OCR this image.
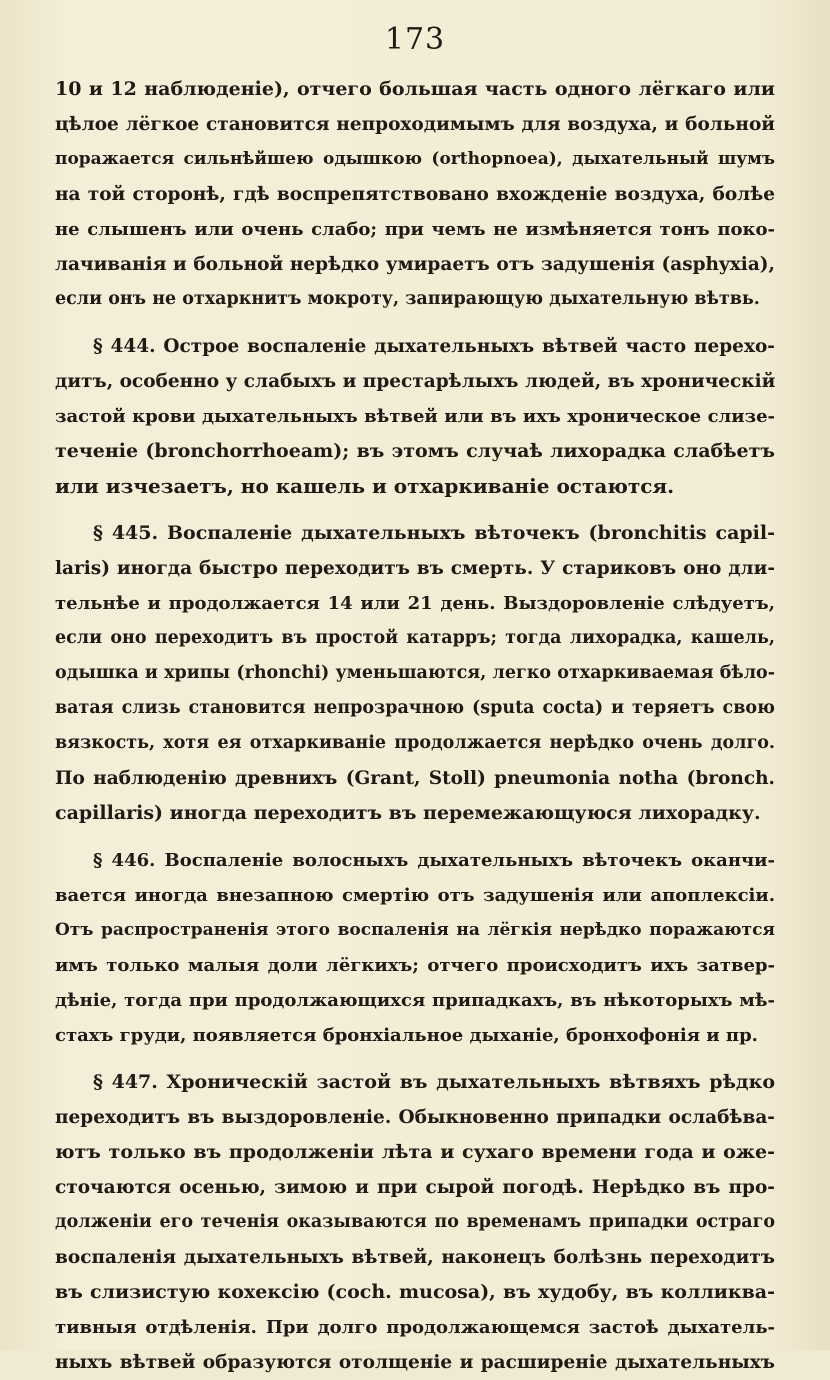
173
10 и 12 наблюденіе), отчего большая часть одного лёгкаго или
цѣлое лёгкое становится непроходимымъ для воздуха, и больной
поражается сильнѣйшею одышкою (orthopnoea), дыхательный шумъ
на той сторонѣ, гдѣ воспрепятствовано вхожденіе воздуха, болѣе
не слышенъ или очень слабо; при чемъ не измѣняется тонъ поко-
лачиванія и больной нерѣдко умираетъ отъ задушенія (asphyxia),
если онъ не отхаркнитъ мокроту, запирающую дыхательную вѣтвь.
§ 444. Острое воспаленіе дыхательныхъ вѣтвей часто перехо-
дитъ, особенно у слабыхъ и престарѣлыхъ людей, въ хроническій
застой крови дыхательныхъ вѣтвей или въ ихъ хроническое слизе-
теченіе (bronchorrhoeam); въ этомъ случаѣ лихорадка слабѣетъ
или изчезаетъ, но кашель и отхаркиваніе остаются.
§ 445. Воспаленіе дыхательныхъ вѣточекъ (bronchitis capil-
laris) иногда быстро переходитъ въ смерть. У стариковъ оно дли-
тельнѣе и продолжается 14 или 21 день. Выздоровленіе слѣдуетъ,
если оно переходитъ въ простой катарръ; тогда лихорадка, кашель,
одышка и хрипы (rhonchi) уменьшаются, легко отхаркиваемая бѣло-
ватая слизь становится непрозрачною (sputa cocta) и теряетъ свою
вязкость, хотя ея отхаркиваніе продолжается нерѣдко очень долго.
По наблюденію древнихъ (Grant, Stoll) pneumonia notha (bronch.
capillaris) иногда переходитъ въ перемежающуюся лихорадку.
§ 446. Воспаленіе волосныхъ дыхательныхъ вѣточекъ оканчи-
вается иногда внезапною смертію отъ задушенія или апоплексіи.
Отъ распространенія этого воспаленія на лёгкія нерѣдко поражаются
имъ только малыя доли лёгкихъ; отчего происходитъ ихъ затвер-
дѣніе, тогда при продолжающихся припадкахъ, въ нѣкоторыхъ мѣ-
стахъ груди, появляется бронхіальное дыханіе, бронхофонія и пр.
§ 447. Хроническій застой въ дыхательныхъ вѣтвяхъ рѣдко
переходитъ въ выздоровленіе. Обыкновенно припадки ослабѣва-
ютъ только въ продолженіи лѣта и сухаго времени года и оже-
сточаются осенью, зимою и при сырой погодѣ. Нерѣдко въ про-
долженіи его теченія оказываются по временамъ припадки остраго
воспаленія дыхательныхъ вѣтвей, наконецъ болѣзнь переходитъ
въ слизистую кохексію (coch. mucosa), въ худобу, въ колликва-
тивныя отдѣленія. При долго продолжающемся застоѣ дыхатель-
ныхъ вѣтвей образуются отолщеніе и расширеніе дыхательныхъ
